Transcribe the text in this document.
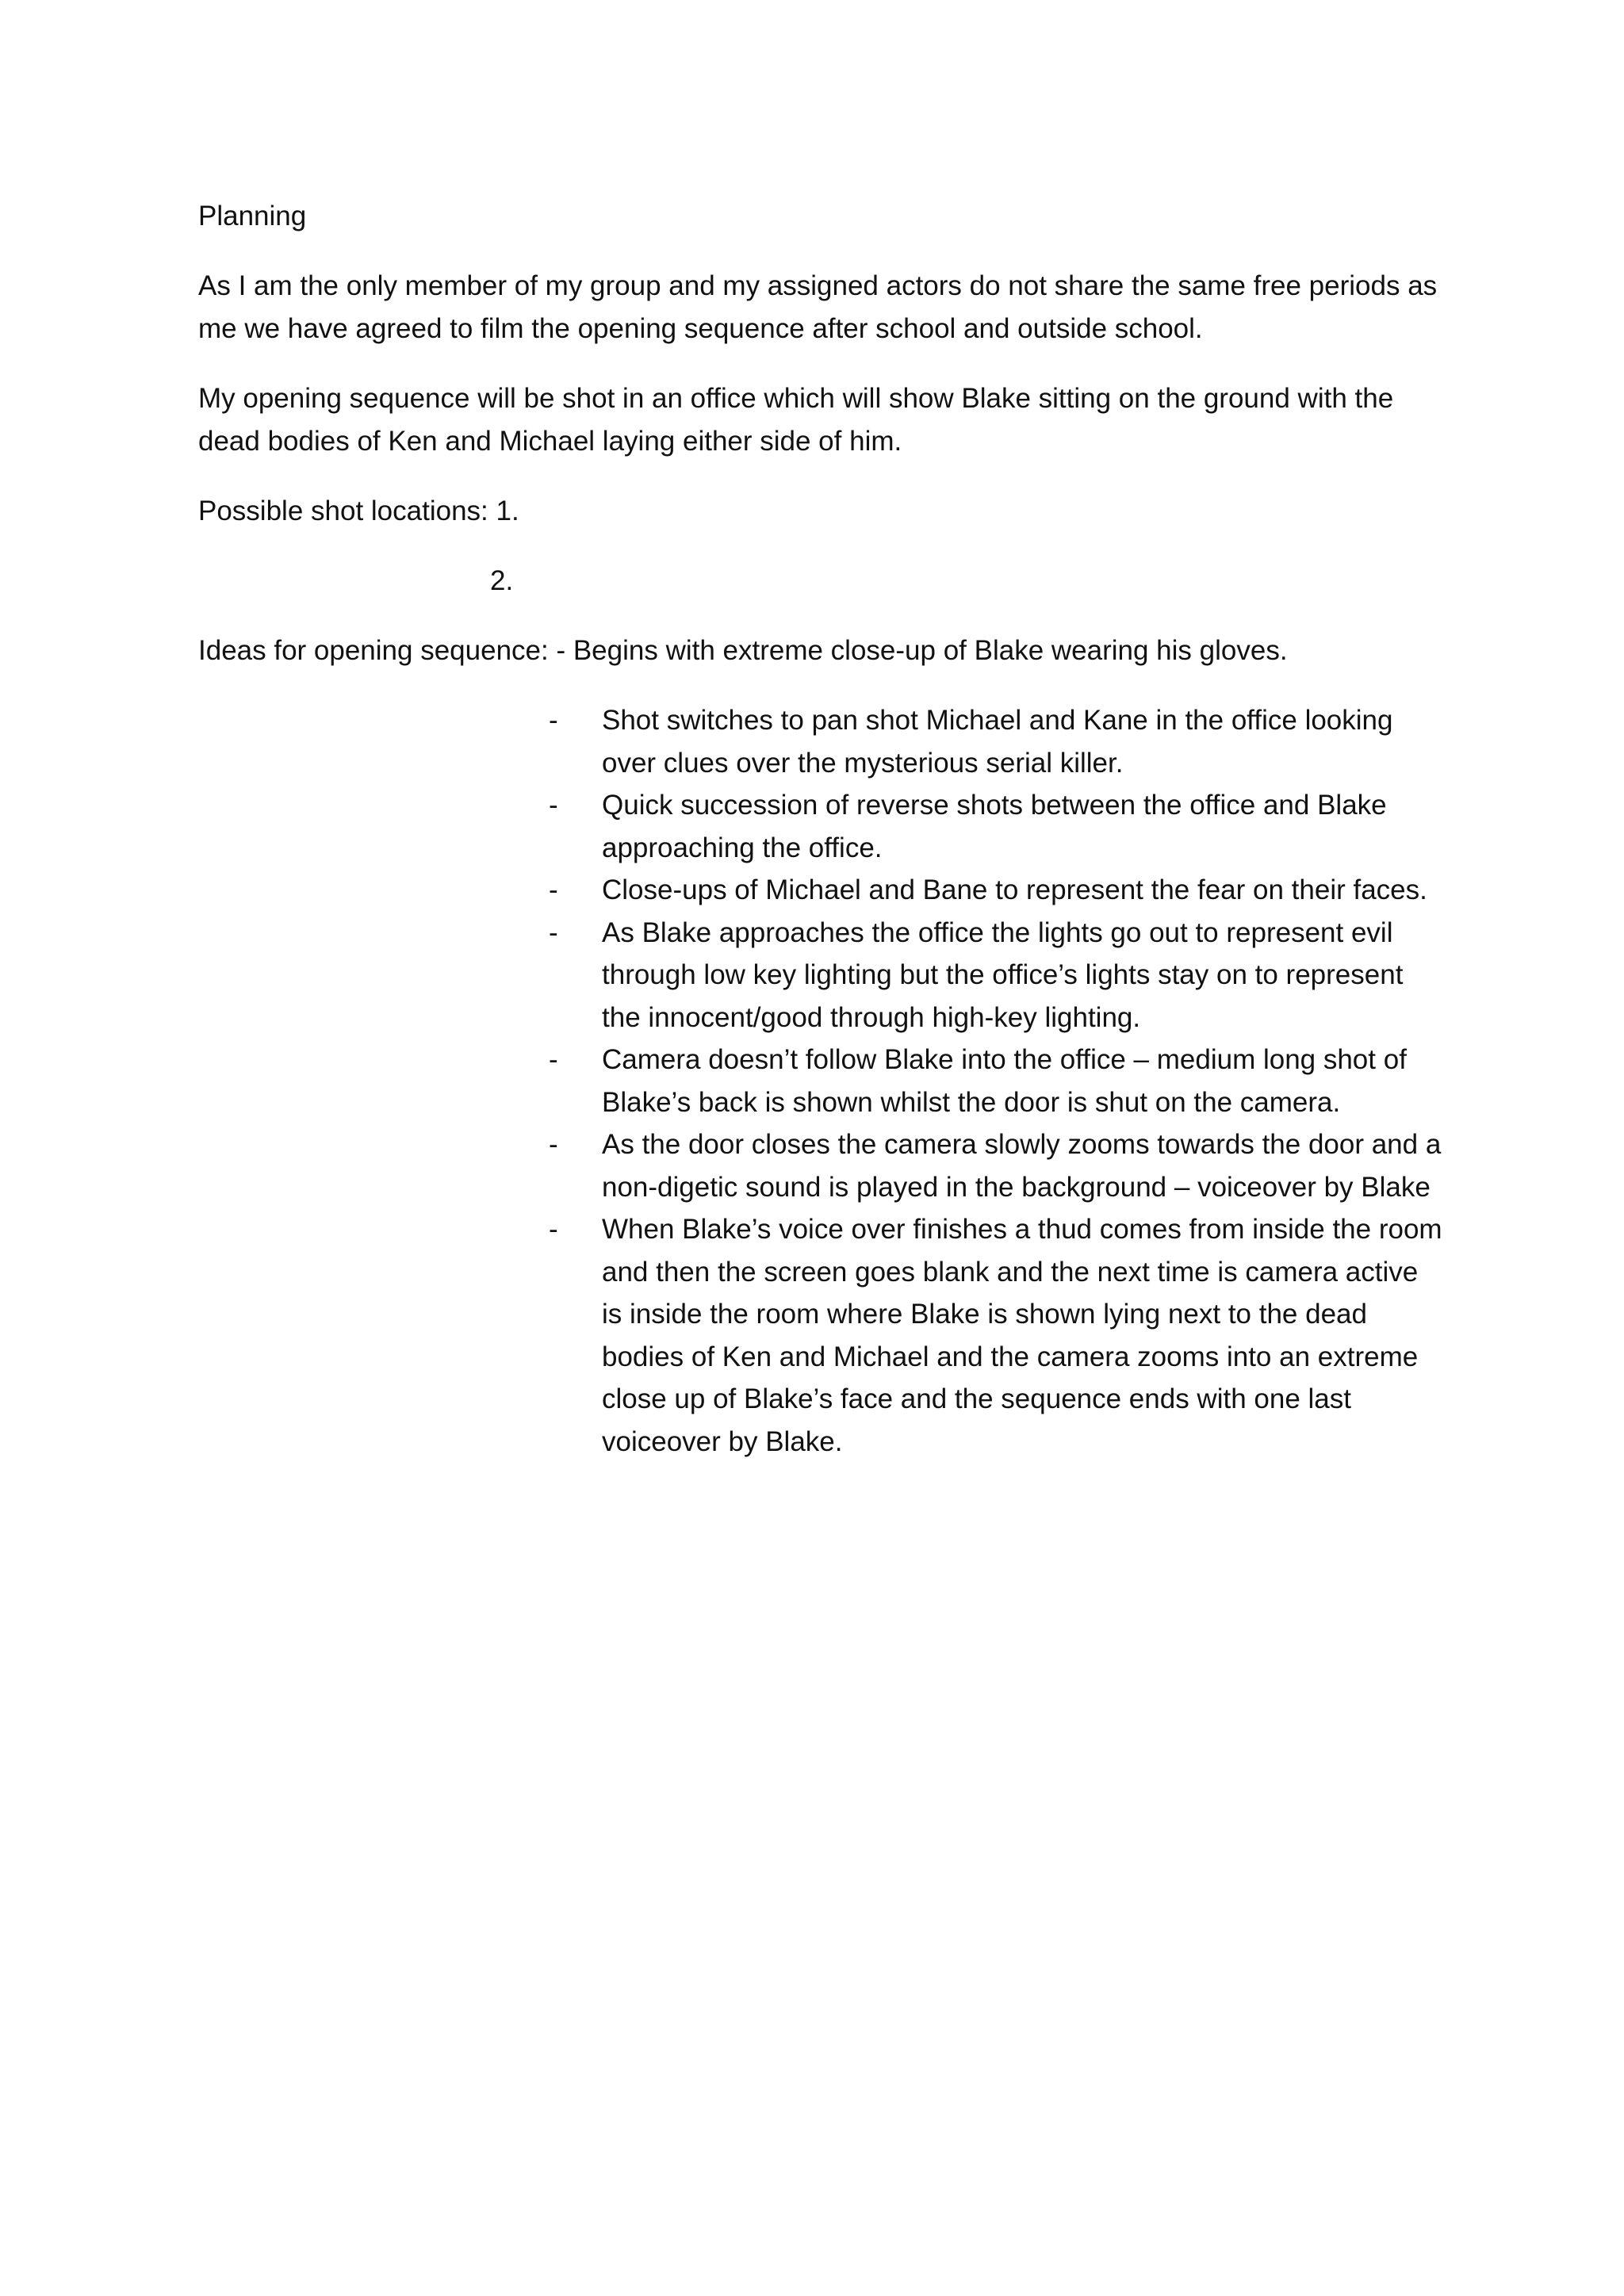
Planning

As I am the only member of my group and my assigned actors do not share the same free periods as me we have agreed to film the opening sequence after school and outside school.

My opening sequence will be shot in an office which will show Blake sitting on the ground with the dead bodies of Ken and Michael laying either side of him.

Possible shot locations: 1.

2.

Ideas for opening sequence: - Begins with extreme close-up of Blake wearing his gloves.

- Shot switches to pan shot Michael and Kane in the office looking over clues over the mysterious serial killer.
- Quick succession of reverse shots between the office and Blake approaching the office.
- Close-ups of Michael and Bane to represent the fear on their faces.
- As Blake approaches the office the lights go out to represent evil through low key lighting but the office’s lights stay on to represent the innocent/good through high-key lighting.
- Camera doesn’t follow Blake into the office – medium long shot of Blake’s back is shown whilst the door is shut on the camera.
- As the door closes the camera slowly zooms towards the door and a non-digetic sound is played in the background – voiceover by Blake
- When Blake’s voice over finishes a thud comes from inside the room and then the screen goes blank and the next time is camera active is inside the room where Blake is shown lying next to the dead bodies of Ken and Michael and the camera zooms into an extreme close up of Blake’s face and the sequence ends with one last voiceover by Blake.
